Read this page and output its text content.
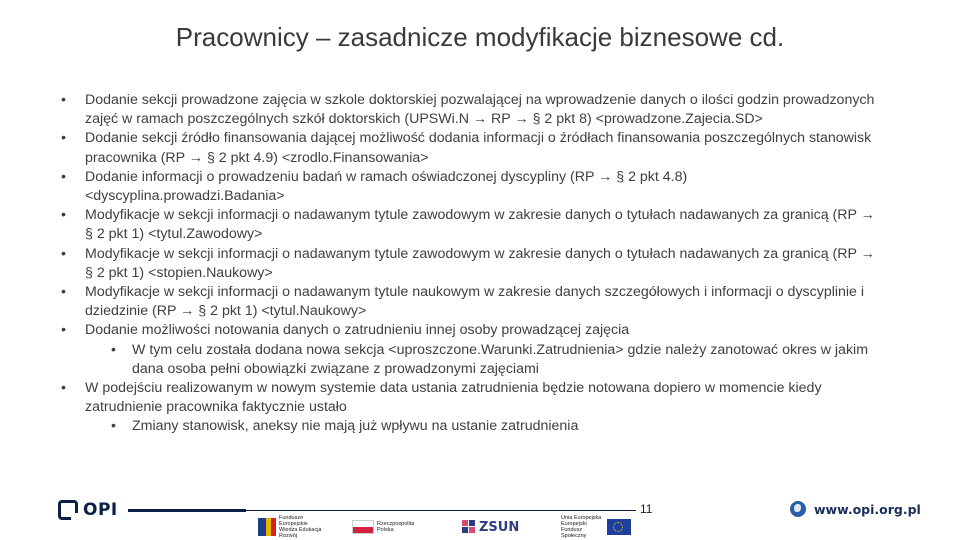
Pracownicy – zasadnicze modyfikacje biznesowe cd.
• Dodanie sekcji prowadzone zajęcia w szkole doktorskiej pozwalającej na wprowadzenie danych o ilości godzin prowadzonych zajęć w ramach poszczególnych szkół doktorskich (UPSWi.N → RP → § 2 pkt 8) <prowadzone.Zajecia.SD>
• Dodanie sekcji źródło finansowania dającej możliwość dodania informacji o źródłach finansowania poszczególnych stanowisk pracownika (RP → § 2 pkt 4.9) <zrodlo.Finansowania>
• Dodanie informacji o prowadzeniu badań w ramach oświadczonej dyscypliny (RP → § 2 pkt 4.8) <dyscyplina.prowadzi.Badania>
• Modyfikacje w sekcji informacji o nadawanym tytule zawodowym w zakresie danych o tytułach nadawanych za granicą (RP → § 2 pkt 1) <tytul.Zawodowy>
• Modyfikacje w sekcji informacji o nadawanym tytule zawodowym w zakresie danych o tytułach nadawanych za granicą (RP → § 2 pkt 1) <stopien.Naukowy>
• Modyfikacje w sekcji informacji o nadawanym tytule naukowym w zakresie danych szczegółowych i informacji o dyscyplinie i dziedzinie (RP → § 2 pkt 1) <tytul.Naukowy>
• Dodanie możliwości notowania danych o zatrudnieniu innej osoby prowadzącej zajęcia
• W tym celu została dodana nowa sekcja <uproszczone.Warunki.Zatrudnienia> gdzie należy zanotować okres w jakim dana osoba pełni obowiązki związane z prowadzonymi zajęciami
• W podejściu realizowanym w nowym systemie data ustania zatrudnienia będzie notowana dopiero w momencie kiedy zatrudnienie pracownika faktycznie ustało
• Zmiany stanowisk, aneksy nie mają już wpływu na ustanie zatrudnienia
OPI	11	www.opi.org.pl
Fundusze Europejskie Wiedza Edukacja Rozwój
Rzeczpospolita Polska	ZSUN
Unia Europejska Europejski Fundusz Społeczny
